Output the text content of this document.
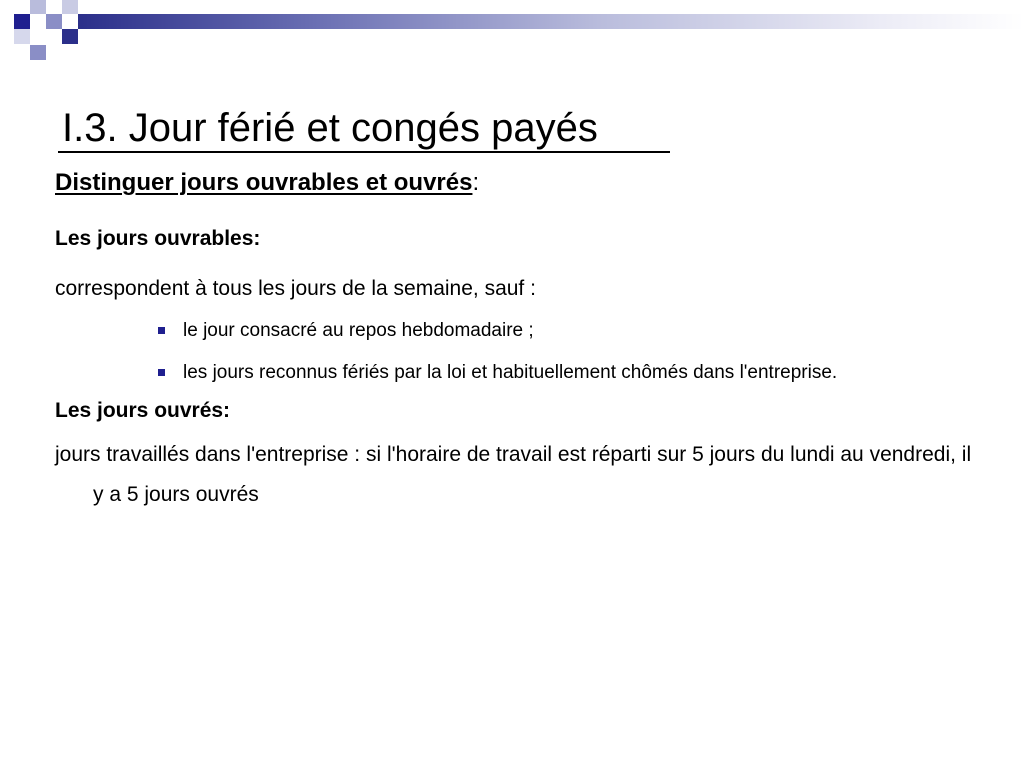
I.3. Jour férié et congés payés

Distinguer jours ouvrables et ouvrés:

Les jours ouvrables:

correspondent à tous les jours de la semaine, sauf :

le jour consacré au repos hebdomadaire ;
les jours reconnus fériés par la loi et habituellement chômés dans l'entreprise.

Les jours ouvrés:

jours travaillés dans l'entreprise : si l'horaire de travail est réparti sur 5 jours du lundi au vendredi, il y a 5 jours ouvrés
